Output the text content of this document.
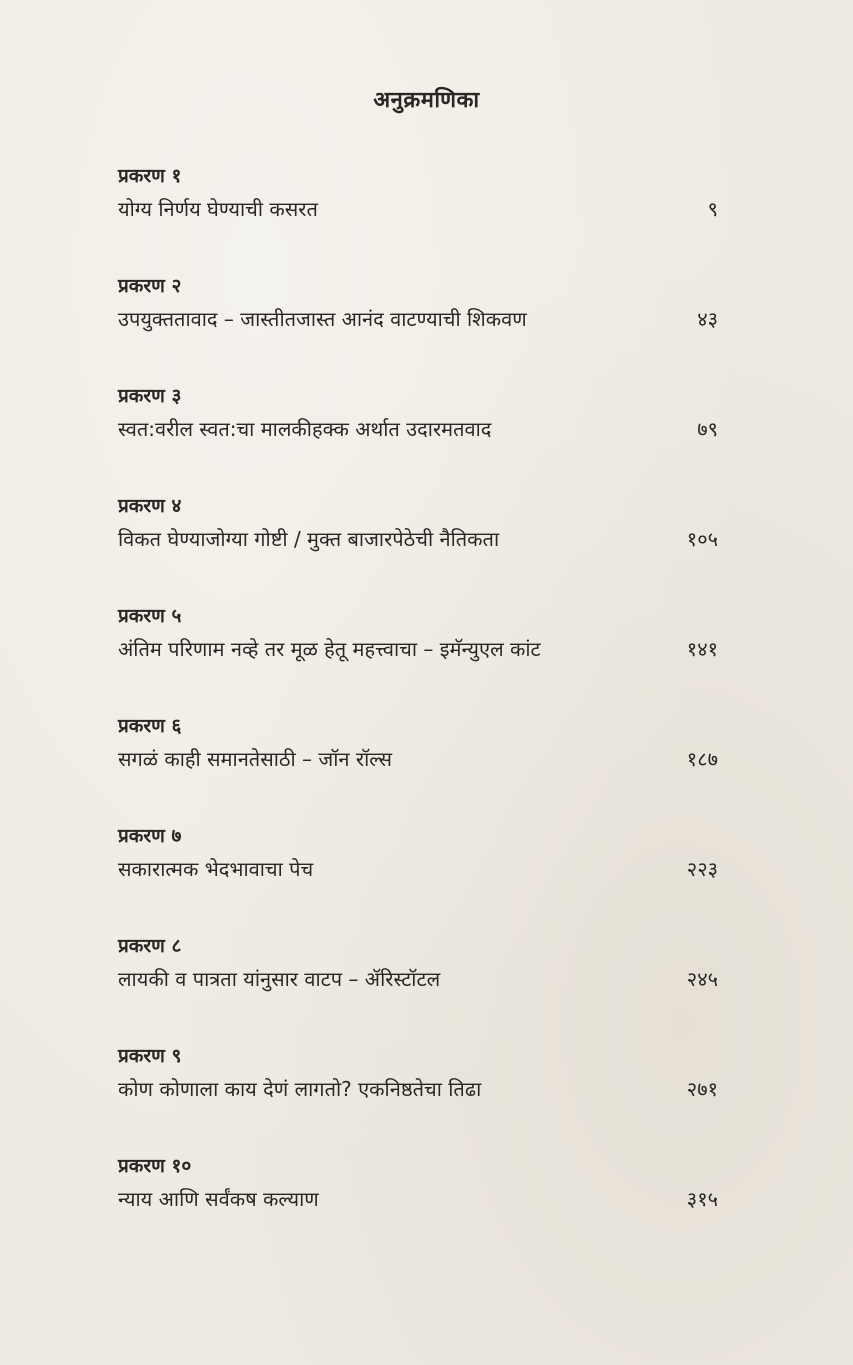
अनुक्रमणिका
प्रकरण १
योग्य निर्णय घेण्याची कसरत	९
प्रकरण २
उपयुक्ततावाद – जास्तीतजास्त आनंद वाटण्याची शिकवण	४३
प्रकरण ३
स्वत:वरील स्वत:चा मालकीहक्क अर्थात उदारमतवाद	७९
प्रकरण ४
विकत घेण्याजोग्या गोष्टी / मुक्त बाजारपेठेची नैतिकता	१०५
प्रकरण ५
अंतिम परिणाम नव्हे तर मूळ हेतू महत्त्वाचा – इमॅन्युएल कांट	१४१
प्रकरण ६
सगळं काही समानतेसाठी – जॉन रॉल्स	१८७
प्रकरण ७
सकारात्मक भेदभावाचा पेच	२२३
प्रकरण ८
लायकी व पात्रता यांनुसार वाटप – ॲरिस्टॉटल	२४५
प्रकरण ९
कोण कोणाला काय देणं लागतो? एकनिष्ठतेचा तिढा	२७१
प्रकरण १०
न्याय आणि सर्वंकष कल्याण	३१५
